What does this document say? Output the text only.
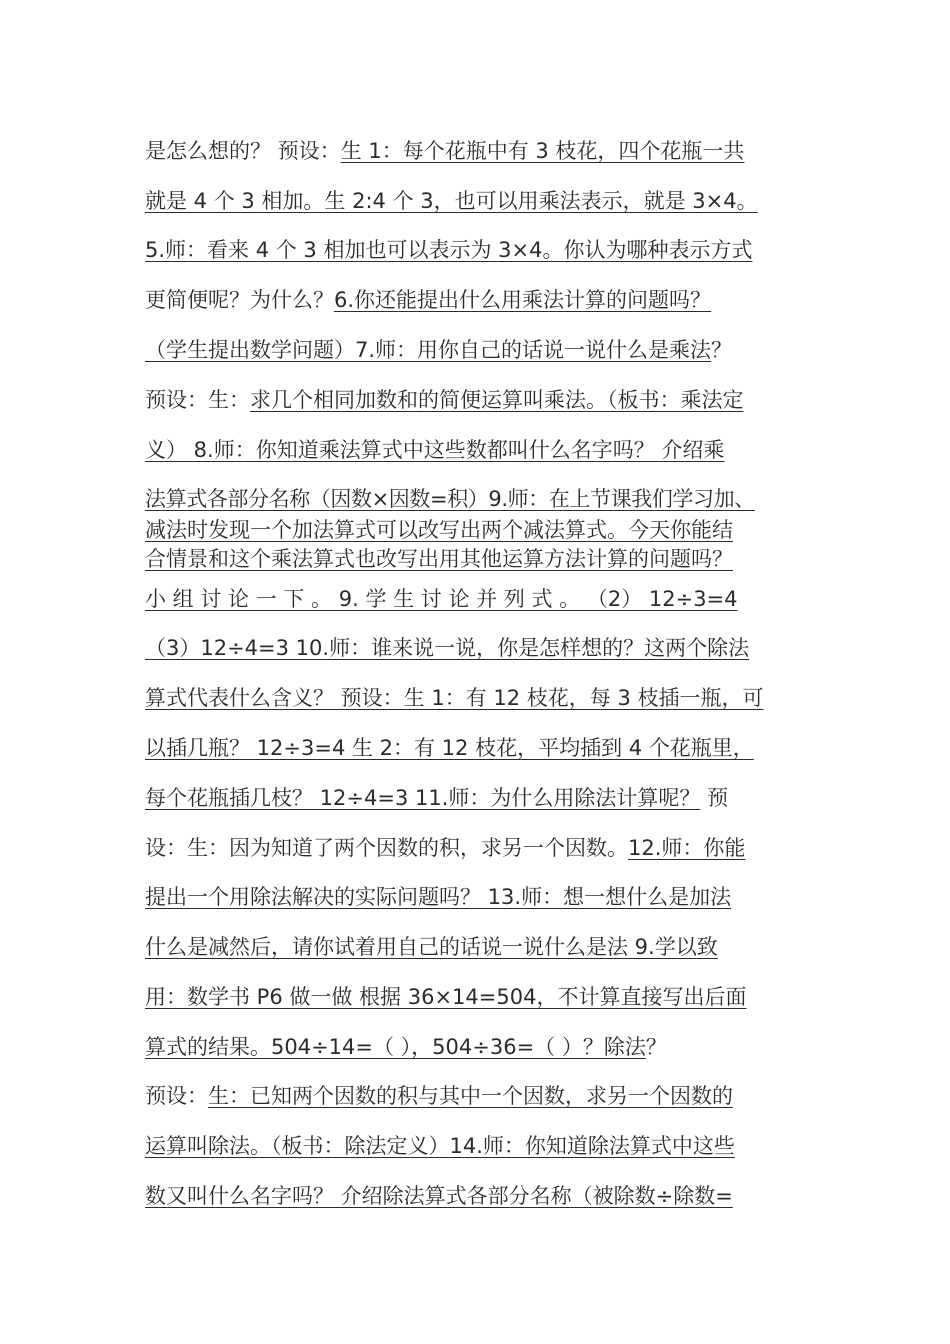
是怎么想的？ 预设：生 1：每个花瓶中有 3 枝花，四个花瓶一共
就是 4 个 3 相加。生 2:4 个 3，也可以用乘法表示，就是 3×4。
5.师：看来 4 个 3 相加也可以表示为 3×4。你认为哪种表示方式
更简便呢？为什么？6.你还能提出什么用乘法计算的问题吗？
（学生提出数学问题）7.师：用你自己的话说一说什么是乘法？
预设：生：求几个相同加数和的简便运算叫乘法。（板书：乘法定
义） 8.师：你知道乘法算式中这些数都叫什么名字吗？ 介绍乘
法算式各部分名称（因数×因数=积）9.师：在上节课我们学习加、
减法时发现一个加法算式可以改写出两个减法算式。今天你能结
合情景和这个乘法算式也改写出用其他运算方法计算的问题吗？
小 组 讨 论 一 下 。 9. 学 生 讨 论 并 列 式 。 （2） 12÷3=4
（3）12÷4=3 10.师：谁来说一说，你是怎样想的？这两个除法
算式代表什么含义？ 预设：生 1：有 12 枝花，每 3 枝插一瓶，可
以插几瓶？ 12÷3=4 生 2：有 12 枝花，平均插到 4 个花瓶里，
每个花瓶插几枝？ 12÷4=3 11.师：为什么用除法计算呢？ 预
设：生：因为知道了两个因数的积，求另一个因数。12.师：你能
提出一个用除法解决的实际问题吗？ 13.师：想一想什么是加法
什么是减然后，请你试着用自己的话说一说什么是法 9.学以致
用：数学书 P6 做一做 根据 36×14=504，不计算直接写出后面
算式的结果。504÷14=（ ），504÷36=（ ）？除法？
预设：生：已知两个因数的积与其中一个因数，求另一个因数的
运算叫除法。（板书：除法定义）14.师：你知道除法算式中这些
数又叫什么名字吗？ 介绍除法算式各部分名称（被除数÷除数=
